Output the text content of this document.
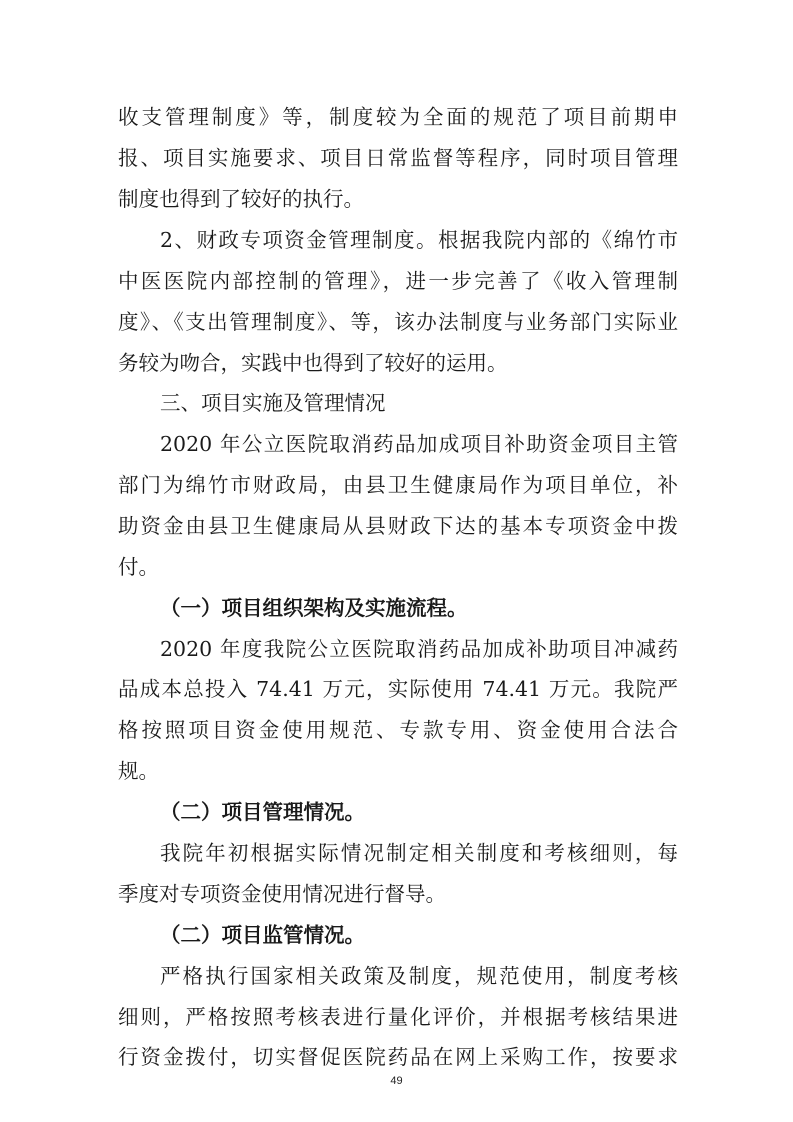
收支管理制度》等，制度较为全面的规范了项目前期申
报、项目实施要求、项目日常监督等程序，同时项目管理
制度也得到了较好的执行。
2、财政专项资金管理制度。根据我院内部的《绵竹市
中医医院内部控制的管理》，进一步完善了《收入管理制
度》、《支出管理制度》、等，该办法制度与业务部门实际业
务较为吻合，实践中也得到了较好的运用。
三、项目实施及管理情况
2020 年公立医院取消药品加成项目补助资金项目主管
部门为绵竹市财政局，由县卫生健康局作为项目单位，补
助资金由县卫生健康局从县财政下达的基本专项资金中拨
付。
（一）项目组织架构及实施流程。
2020 年度我院公立医院取消药品加成补助项目冲减药
品成本总投入 74.41 万元，实际使用 74.41 万元。我院严
格按照项目资金使用规范、专款专用、资金使用合法合
规。
（二）项目管理情况。
我院年初根据实际情况制定相关制度和考核细则，每
季度对专项资金使用情况进行督导。
（二）项目监管情况。
严格执行国家相关政策及制度，规范使用，制度考核
细则，严格按照考核表进行量化评价，并根据考核结果进
行资金拨付，切实督促医院药品在网上采购工作，按要求
49
